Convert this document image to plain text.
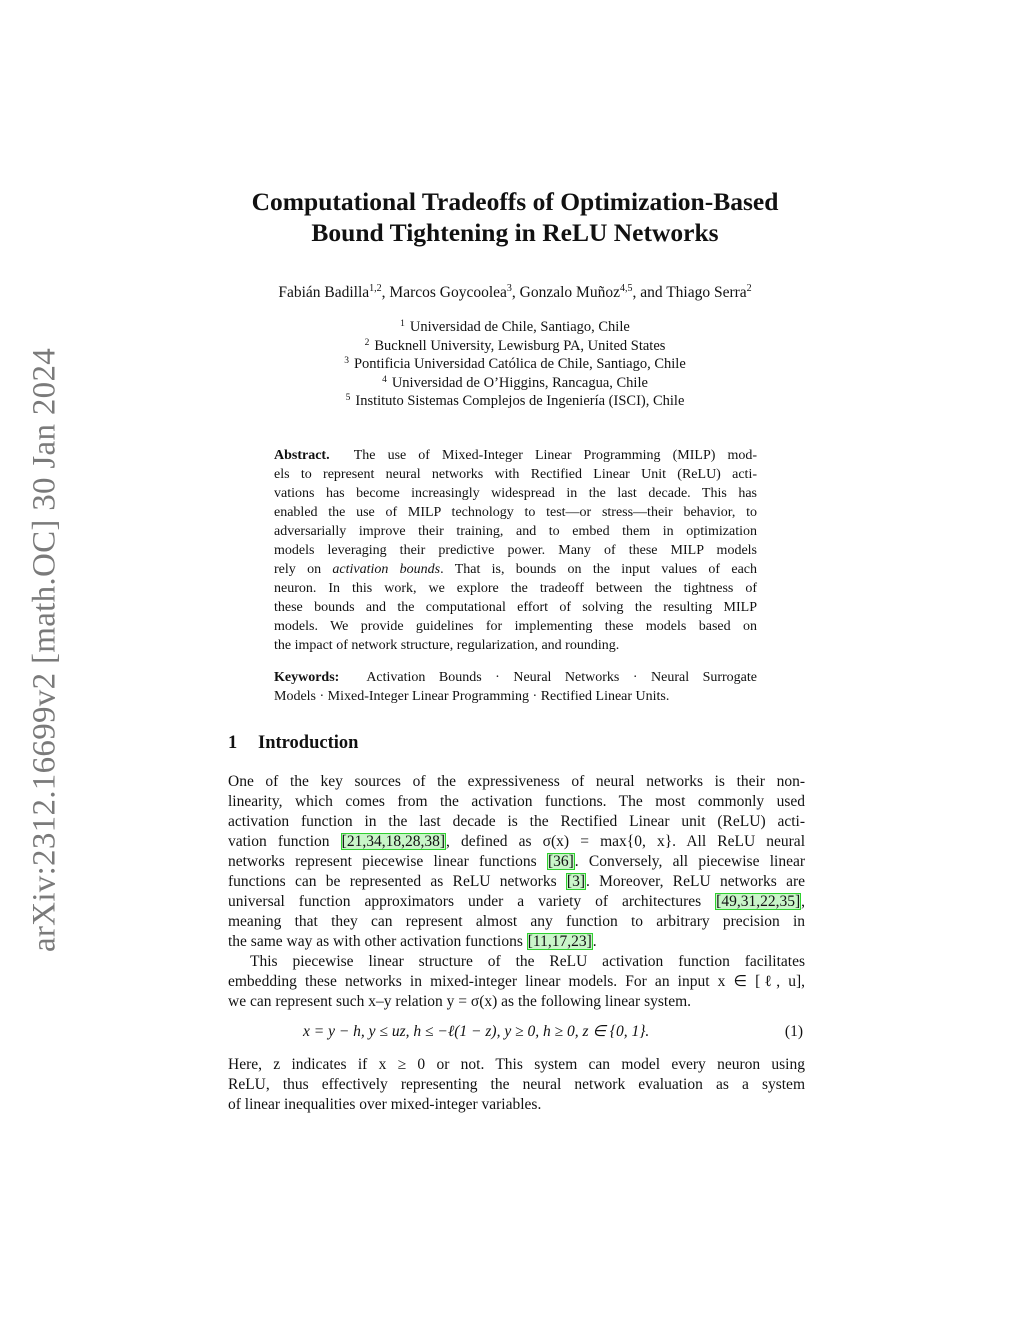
arXiv:2312.16699v2 [math.OC] 30 Jan 2024
Computational Tradeoffs of Optimization-Based
Bound Tightening in ReLU Networks
Fabián Badilla$^{1,2}$, Marcos Goycoolea$^3$, Gonzalo Muñoz$^{4,5}$, and Thiago Serra$^2$
$^1$ Universidad de Chile, Santiago, Chile
$^2$ Bucknell University, Lewisburg PA, United States
$^3$ Pontificia Universidad Católica de Chile, Santiago, Chile
$^4$ Universidad de O’Higgins, Rancagua, Chile
$^5$ Instituto Sistemas Complejos de Ingeniería (ISCI), Chile
Abstract. The use of Mixed-Integer Linear Programming (MILP) mod-
els to represent neural networks with Rectified Linear Unit (ReLU) acti-
vations has become increasingly widespread in the last decade. This has
enabled the use of MILP technology to test—or stress—their behavior, to
adversarially improve their training, and to embed them in optimization
models leveraging their predictive power. Many of these MILP models
rely on activation bounds. That is, bounds on the input values of each
neuron. In this work, we explore the tradeoff between the tightness of
these bounds and the computational effort of solving the resulting MILP
models. We provide guidelines for implementing these models based on
the impact of network structure, regularization, and rounding.
Keywords: Activation Bounds · Neural Networks · Neural Surrogate
Models · Mixed-Integer Linear Programming · Rectified Linear Units.
1 Introduction
One of the key sources of the expressiveness of neural networks is their non-
linearity, which comes from the activation functions. The most commonly used
activation function in the last decade is the Rectified Linear unit (ReLU) acti-
vation function [21,34,18,28,38], defined as σ(x) = max{0, x}. All ReLU neural
networks represent piecewise linear functions [36]. Conversely, all piecewise linear
functions can be represented as ReLU networks [3]. Moreover, ReLU networks are
universal function approximators under a variety of architectures [49,31,22,35],
meaning that they can represent almost any function to arbitrary precision in
the same way as with other activation functions [11,17,23].
This piecewise linear structure of the ReLU activation function facilitates
embedding these networks in mixed-integer linear models. For an input x ∈ [ℓ, u],
we can represent such x–y relation y = σ(x) as the following linear system.
x = y − h, y ≤ uz, h ≤ −ℓ(1 − z), y ≥ 0, h ≥ 0, z ∈ {0, 1}.	(1)
Here, z indicates if x ≥ 0 or not. This system can model every neuron using
ReLU, thus effectively representing the neural network evaluation as a system
of linear inequalities over mixed-integer variables.
